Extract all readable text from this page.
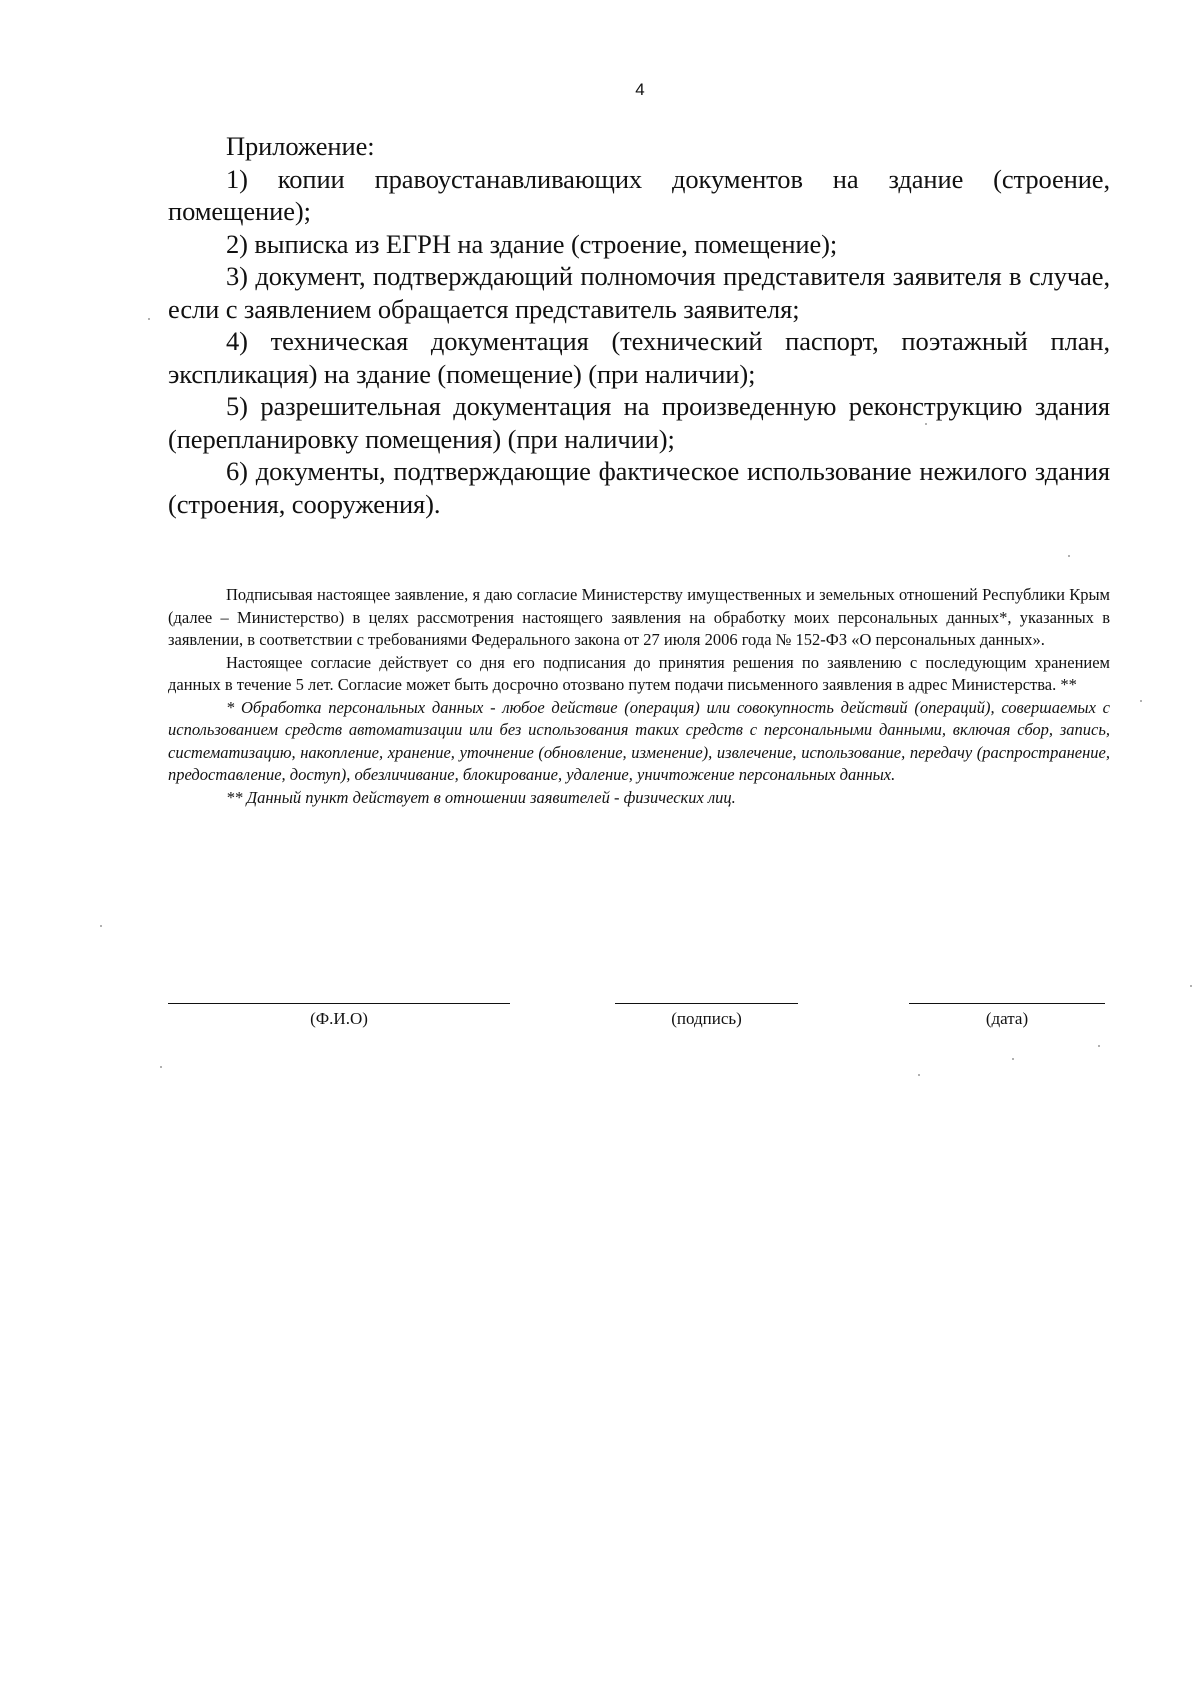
4

Приложение:

1) копии правоустанавливающих документов на здание (строение, помещение);

2) выписка из ЕГРН на здание (строение, помещение);

3) документ, подтверждающий полномочия представителя заявителя в случае, если с заявлением обращается представитель заявителя;

4) техническая документация (технический паспорт, поэтажный план, экспликация) на здание (помещение) (при наличии);

5) разрешительная документация на произведенную реконструкцию здания (перепланировку помещения) (при наличии);

6) документы, подтверждающие фактическое использование нежилого здания (строения, сооружения).

Подписывая настоящее заявление, я даю согласие Министерству имущественных и земельных отношений Республики Крым (далее – Министерство) в целях рассмотрения настоящего заявления на обработку моих персональных данных*, указанных в заявлении, в соответствии с требованиями Федерального закона от 27 июля 2006 года № 152-ФЗ «О персональных данных».

Настоящее согласие действует со дня его подписания до принятия решения по заявлению с последующим хранением данных в течение 5 лет. Согласие может быть досрочно отозвано путем подачи письменного заявления в адрес Министерства. **

* Обработка персональных данных - любое действие (операция) или совокупность действий (операций), совершаемых с использованием средств автоматизации или без использования таких средств с персональными данными, включая сбор, запись, систематизацию, накопление, хранение, уточнение (обновление, изменение), извлечение, использование, передачу (распространение, предоставление, доступ), обезличивание, блокирование, удаление, уничтожение персональных данных.

** Данный пункт действует в отношении заявителей - физических лиц.

(Ф.И.О)	(подпись)	(дата)
